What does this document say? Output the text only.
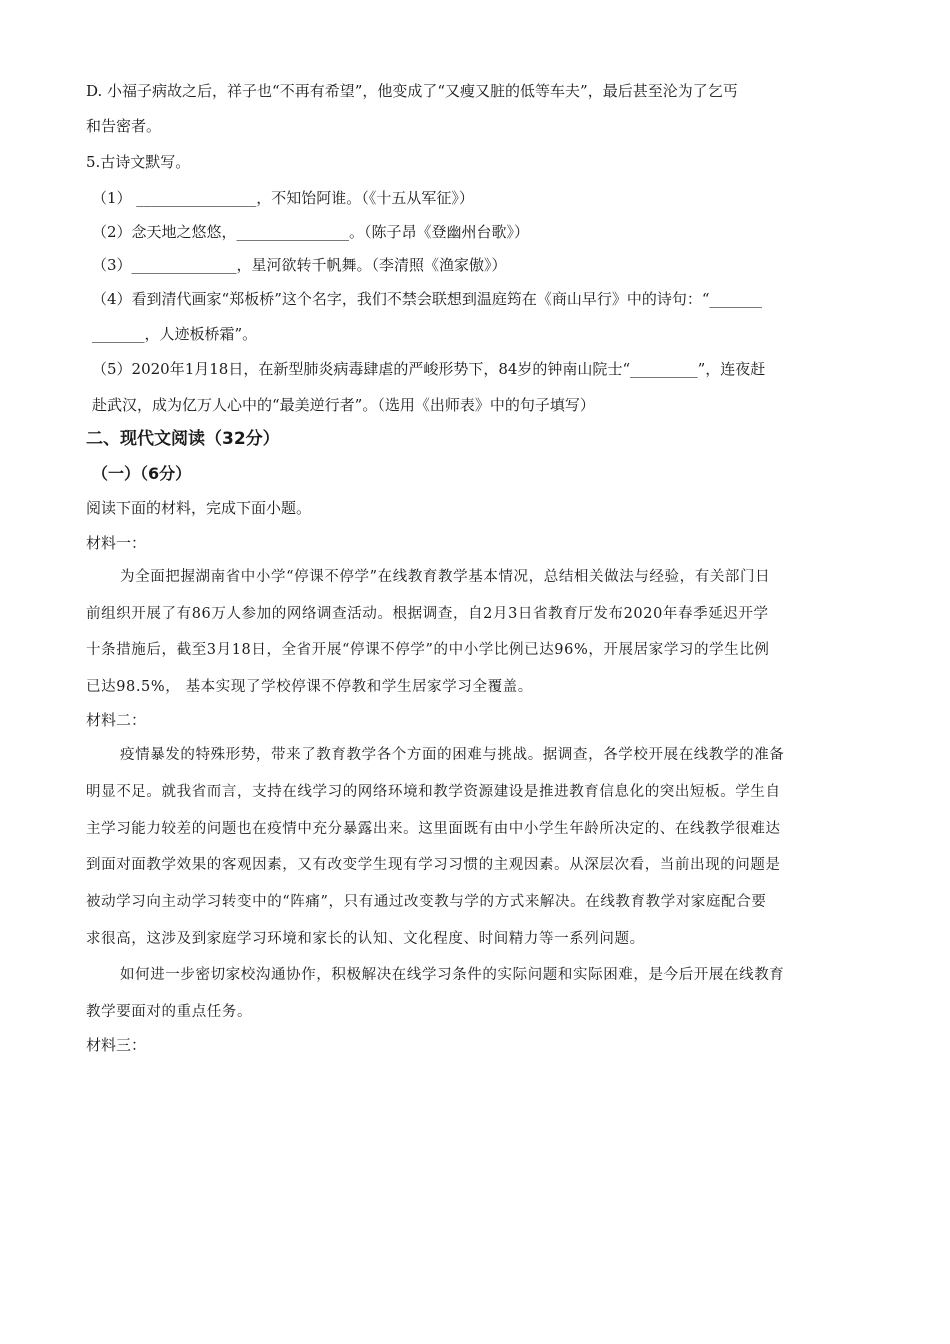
D. 小福子病故之后，祥子也“不再有希望”，他变成了“又瘦又脏的低等车夫”，最后甚至沦为了乞丐
和告密者。
5.古诗文默写。
（1） ________________，不知饴阿谁。（《十五从军征》）
（2）念天地之悠悠，_______________。（陈子昂《登幽州台歌》）
（3）______________，星河欲转千帆舞。（李清照《渔家傲》）
（4）看到清代画家“郑板桥”这个名字，我们不禁会联想到温庭筠在《商山早行》中的诗句：“_______
_______，人迹板桥霜”。
（5）2020年1月18日，在新型肺炎病毒肆虐的严峻形势下，84岁的钟南山院士“_________”，连夜赶
赴武汉，成为亿万人心中的“最美逆行者”。（选用《出师表》中的句子填写）
二、现代文阅读（32分）
（一）（6分）
阅读下面的材料，完成下面小题。
材料一：
为全面把握湖南省中小学“停课不停学”在线教育教学基本情况，总结相关做法与经验，有关部门日
前组织开展了有86万人参加的网络调查活动。根据调查，自2月3日省教育厅发布2020年春季延迟开学
十条措施后，截至3月18日，全省开展“停课不停学”的中小学比例已达96%，开展居家学习的学生比例
已达98.5%， 基本实现了学校停课不停教和学生居家学习全覆盖。
材料二：
疫情暴发的特殊形势，带来了教育教学各个方面的困难与挑战。据调查，各学校开展在线教学的准备
明显不足。就我省而言，支持在线学习的网络环境和教学资源建设是推进教育信息化的突出短板。学生自
主学习能力较差的问题也在疫情中充分暴露出来。这里面既有由中小学生年龄所决定的、在线教学很难达
到面对面教学效果的客观因素，又有改变学生现有学习习惯的主观因素。从深层次看，当前出现的问题是
被动学习向主动学习转变中的“阵痛”，只有通过改变教与学的方式来解决。在线教育教学对家庭配合要
求很高，这涉及到家庭学习环境和家长的认知、文化程度、时间精力等一系列问题。
如何进一步密切家校沟通协作，积极解决在线学习条件的实际问题和实际困难，是今后开展在线教育
教学要面对的重点任务。
材料三：
